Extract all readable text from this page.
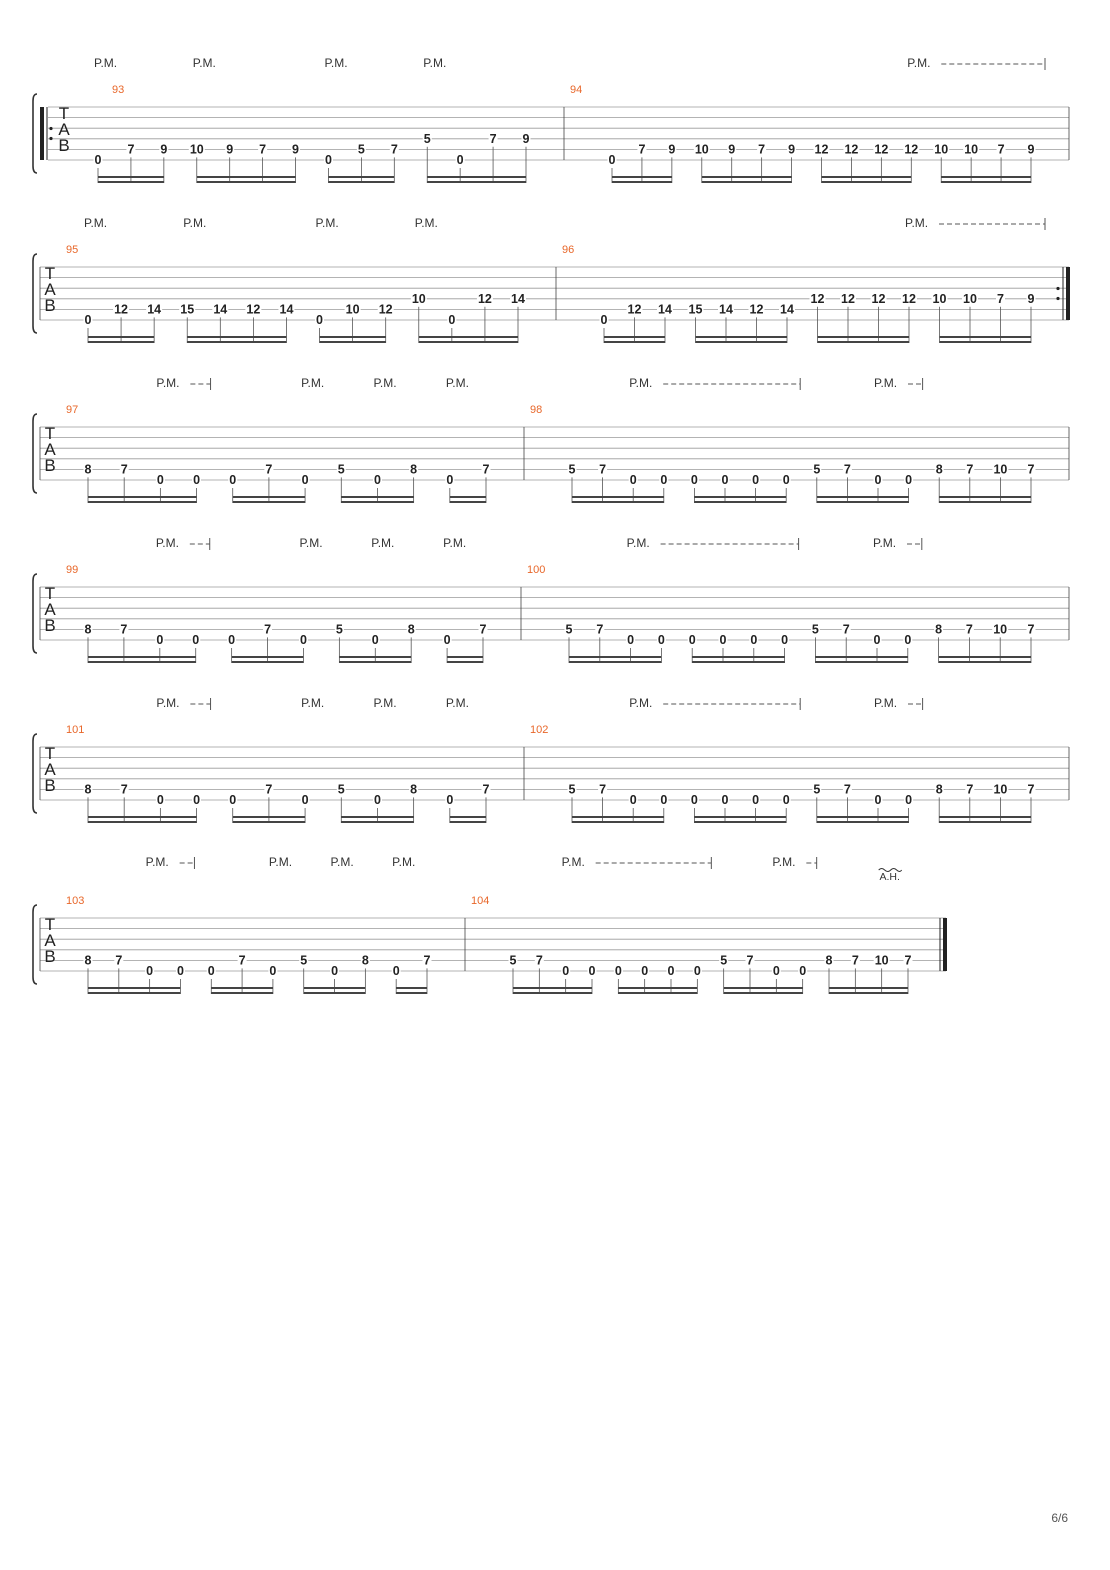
T
A
B
93
0
7 9 10 9 7 9
0
5 7
5
0
7 9
94
0
7 9 10 9 7 9 12 12 12 12 10 10 7 9
P.M.	P.M.	P.M.	P.M.	P.M.
T
A
B
95
0
12 14 15 14 12 14
0
10 12
10
0
12 14
96
0
12 14 15 14 12 14
12 12 12 12 10 10 7 9
P.M.	P.M.	P.M.	P.M.	P.M.
T
A
B
97
8 7
0 0 0
7
0
5
0
8
0
7
98
5 7
0 0 0 0 0 0
5 7
0 0
8 7 10 7
P.M.	P.M.	P.M.	P.M.	P.M.	P.M.
T
A
B
99
8 7
0 0 0
7
0
5
0
8
0
7
100
5 7
0 0 0 0 0 0
5 7
0 0
8 7 10 7
P.M.	P.M.	P.M.	P.M.	P.M.	P.M.
T
A
B
101
8 7
0 0 0
7
0
5
0
8
0
7
102
5 7
0 0 0 0 0 0
5 7
0 0
8 7 10 7
P.M.	P.M.	P.M.	P.M.	P.M.	P.M.
T
A
B
103
8 7
0 0 0
7
0
5
0
8
0
7
104
5 7
0 0 0 0 0 0
5 7
0 0
8 7 10 7
P.M.	P.M.	P.M.	P.M.	P.M.	P.M.
A.H.
6/6
